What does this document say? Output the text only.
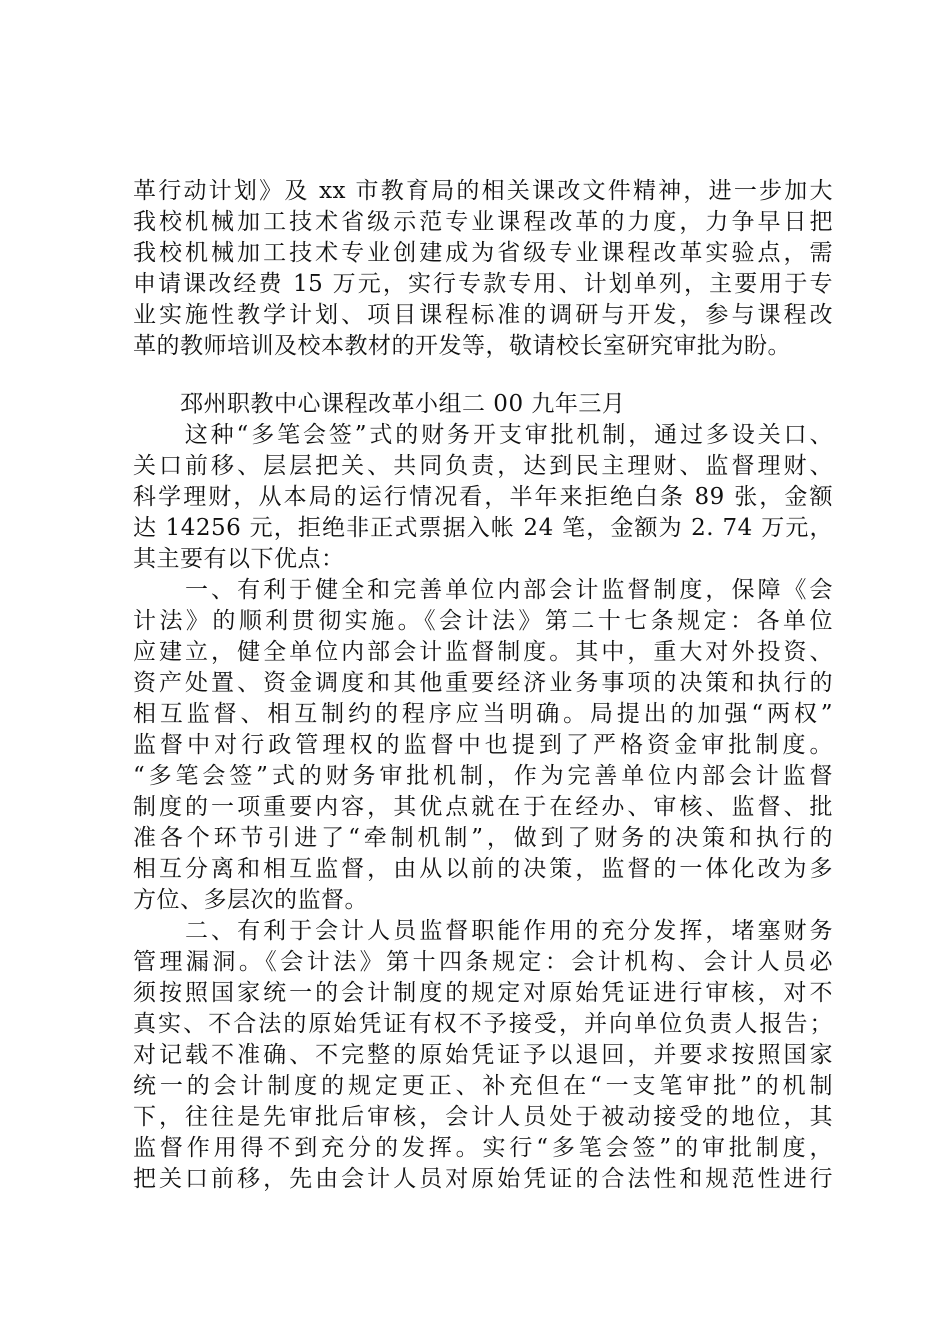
革行动计划》及 xx 市教育局的相关课改文件精神，进一步加大
我校机械加工技术省级示范专业课程改革的力度，力争早日把
我校机械加工技术专业创建成为省级专业课程改革实验点，需
申请课改经费 15 万元，实行专款专用、计划单列，主要用于专
业实施性教学计划、项目课程标准的调研与开发，参与课程改
革的教师培训及校本教材的开发等，敬请校长室研究审批为盼。
　　邳州职教中心课程改革小组二 00 九年三月
　　这种“多笔会签”式的财务开支审批机制，通过多设关口、
关口前移、层层把关、共同负责，达到民主理财、监督理财、
科学理财，从本局的运行情况看，半年来拒绝白条 89 张，金额
达 14256 元，拒绝非正式票据入帐 24 笔，金额为 2. 74 万元，
其主要有以下优点：
　　一、有利于健全和完善单位内部会计监督制度，保障《会
计法》的顺利贯彻实施。《会计法》第二十七条规定：各单位
应建立，健全单位内部会计监督制度。其中，重大对外投资、
资产处置、资金调度和其他重要经济业务事项的决策和执行的
相互监督、相互制约的程序应当明确。局提出的加强“两权”
监督中对行政管理权的监督中也提到了严格资金审批制度。
“多笔会签”式的财务审批机制，作为完善单位内部会计监督
制度的一项重要内容，其优点就在于在经办、审核、监督、批
准各个环节引进了“牵制机制”，做到了财务的决策和执行的
相互分离和相互监督，由从以前的决策，监督的一体化改为多
方位、多层次的监督。
　　二、有利于会计人员监督职能作用的充分发挥，堵塞财务
管理漏洞。《会计法》第十四条规定：会计机构、会计人员必
须按照国家统一的会计制度的规定对原始凭证进行审核，对不
真实、不合法的原始凭证有权不予接受，并向单位负责人报告；
对记载不准确、不完整的原始凭证予以退回，并要求按照国家
统一的会计制度的规定更正、补充但在“一支笔审批”的机制
下，往往是先审批后审核，会计人员处于被动接受的地位，其
监督作用得不到充分的发挥。实行“多笔会签”的审批制度，
把关口前移，先由会计人员对原始凭证的合法性和规范性进行
